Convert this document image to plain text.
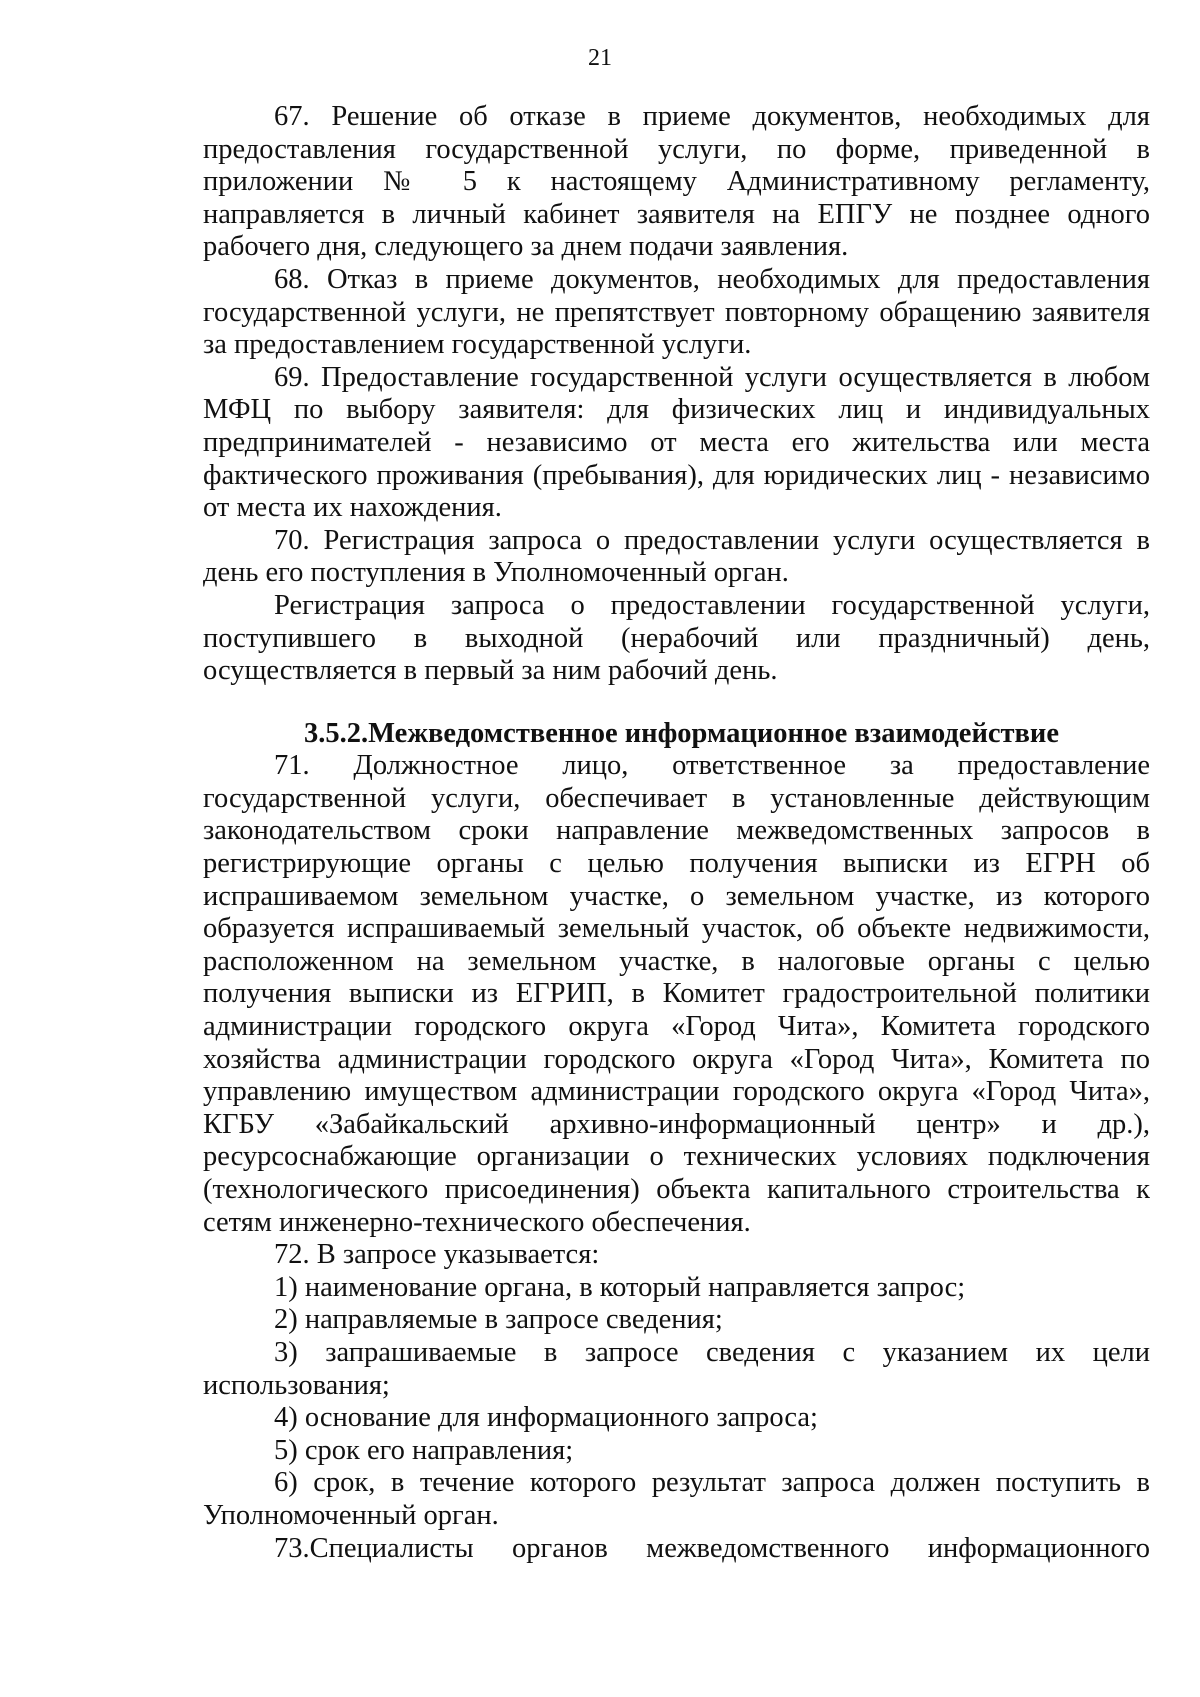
21

67. Решение об отказе в приеме документов, необходимых для предоставления государственной услуги, по форме, приведенной в приложении № 5 к настоящему Административному регламенту, направляется в личный кабинет заявителя на ЕПГУ не позднее одного рабочего дня, следующего за днем подачи заявления.

68. Отказ в приеме документов, необходимых для предоставления государственной услуги, не препятствует повторному обращению заявителя за предоставлением государственной услуги.

69. Предоставление государственной услуги осуществляется в любом МФЦ по выбору заявителя: для физических лиц и индивидуальных предпринимателей - независимо от места его жительства или места фактического проживания (пребывания), для юридических лиц - независимо от места их нахождения.

70. Регистрация запроса о предоставлении услуги осуществляется в день его поступления в Уполномоченный орган.

Регистрация запроса о предоставлении государственной услуги, поступившего в выходной (нерабочий или праздничный) день, осуществляется в первый за ним рабочий день.

3.5.2.Межведомственное информационное взаимодействие

71. Должностное лицо, ответственное за предоставление государственной услуги, обеспечивает в установленные действующим законодательством сроки направление межведомственных запросов в регистрирующие органы с целью получения выписки из ЕГРН об испрашиваемом земельном участке, о земельном участке, из которого образуется испрашиваемый земельный участок, об объекте недвижимости, расположенном на земельном участке, в налоговые органы с целью получения выписки из ЕГРИП, в Комитет градостроительной политики администрации городского округа «Город Чита», Комитета городского хозяйства администрации городского округа «Город Чита», Комитета по управлению имуществом администрации городского округа «Город Чита», КГБУ «Забайкальский архивно-информационный центр» и др.), ресурсоснабжающие организации о технических условиях подключения (технологического присоединения) объекта капитального строительства к сетям инженерно-технического обеспечения.

72. В запросе указывается:

1) наименование органа, в который направляется запрос;

2) направляемые в запросе сведения;

3) запрашиваемые в запросе сведения с указанием их цели использования;

4) основание для информационного запроса;

5) срок его направления;

6) срок, в течение которого результат запроса должен поступить в Уполномоченный орган.

73.Специалисты органов межведомственного информационного
